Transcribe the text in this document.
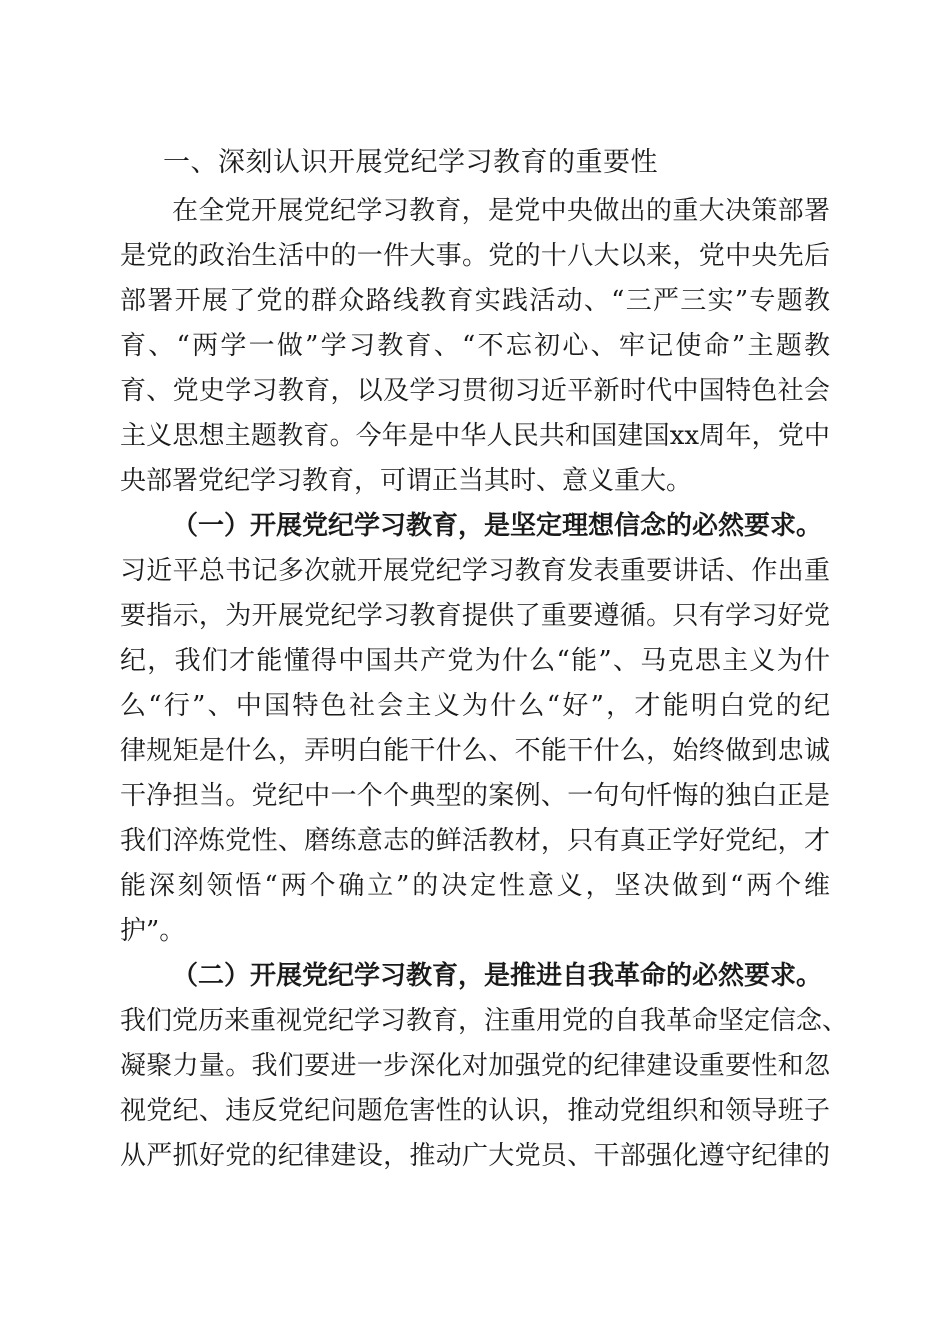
一、深刻认识开展党纪学习教育的重要性
在全党开展党纪学习教育，是党中央做出的重大决策部署
是党的政治生活中的一件大事。党的十八大以来，党中央先后
部署开展了党的群众路线教育实践活动、“三严三实”专题教
育、“两学一做”学习教育、“不忘初心、牢记使命”主题教
育、党史学习教育，以及学习贯彻习近平新时代中国特色社会
主义思想主题教育。今年是中华人民共和国建国xx周年，党中
央部署党纪学习教育，可谓正当其时、意义重大。
（一）开展党纪学习教育，是坚定理想信念的必然要求。
习近平总书记多次就开展党纪学习教育发表重要讲话、作出重
要指示，为开展党纪学习教育提供了重要遵循。只有学习好党
纪，我们才能懂得中国共产党为什么“能”、马克思主义为什
么“行”、中国特色社会主义为什么“好”，才能明白党的纪
律规矩是什么，弄明白能干什么、不能干什么，始终做到忠诚
干净担当。党纪中一个个典型的案例、一句句忏悔的独白正是
我们淬炼党性、磨练意志的鲜活教材，只有真正学好党纪，才
能深刻领悟“两个确立”的决定性意义，坚决做到“两个维
护”。
（二）开展党纪学习教育，是推进自我革命的必然要求。
我们党历来重视党纪学习教育，注重用党的自我革命坚定信念、
凝聚力量。我们要进一步深化对加强党的纪律建设重要性和忽
视党纪、违反党纪问题危害性的认识，推动党组织和领导班子
从严抓好党的纪律建设，推动广大党员、干部强化遵守纪律的
